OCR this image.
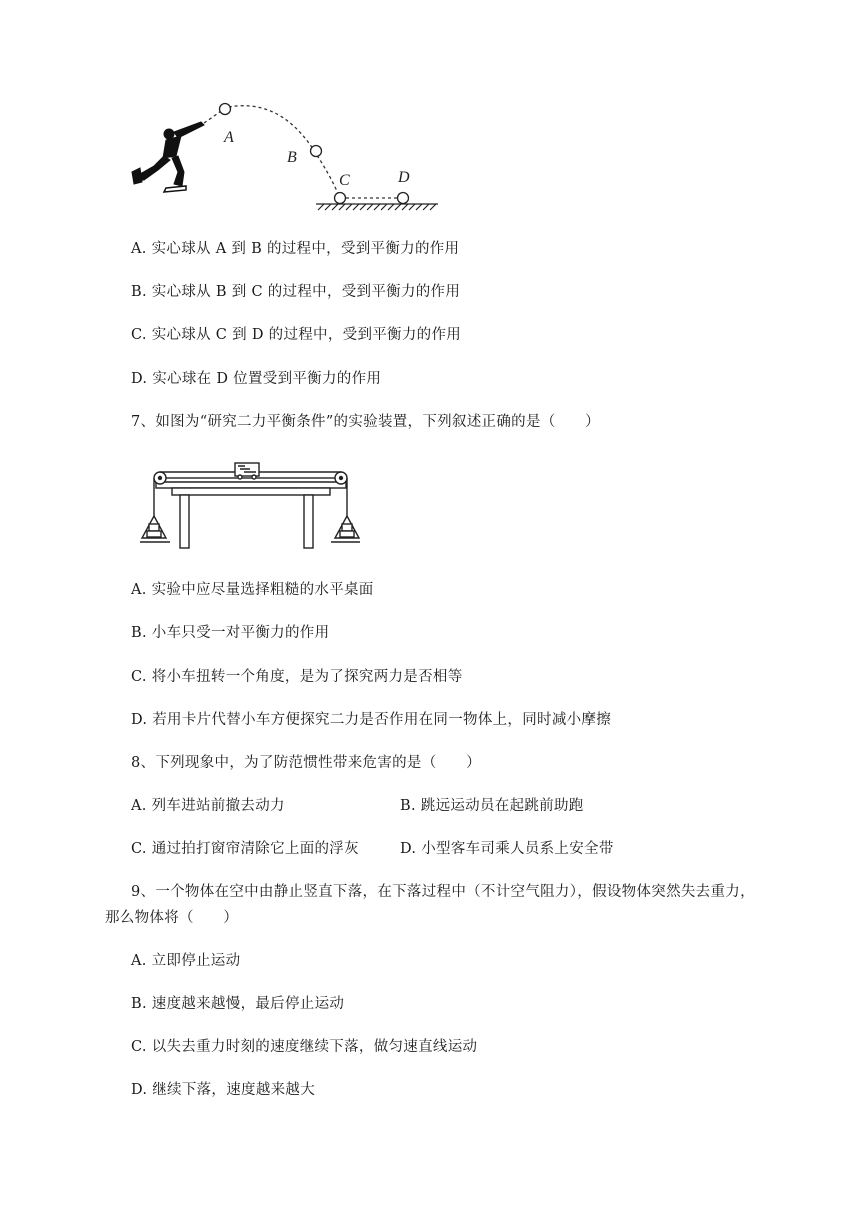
A
B
C	D
A. 实心球从 A 到 B 的过程中，受到平衡力的作用
B. 实心球从 B 到 C 的过程中，受到平衡力的作用
C. 实心球从 C 到 D 的过程中，受到平衡力的作用
D. 实心球在 D 位置受到平衡力的作用
7、如图为“研究二力平衡条件”的实验装置，下列叙述正确的是（　　）
A. 实验中应尽量选择粗糙的水平桌面
B. 小车只受一对平衡力的作用
C. 将小车扭转一个角度，是为了探究两力是否相等
D. 若用卡片代替小车方便探究二力是否作用在同一物体上，同时减小摩擦
8、下列现象中，为了防范惯性带来危害的是（　　）
A. 列车进站前撤去动力	B. 跳远运动员在起跳前助跑
C. 通过拍打窗帘清除它上面的浮灰	D. 小型客车司乘人员系上安全带
9、一个物体在空中由静止竖直下落，在下落过程中（不计空气阻力），假设物体突然失去重力，
那么物体将（　　）
A. 立即停止运动
B. 速度越来越慢，最后停止运动
C. 以失去重力时刻的速度继续下落，做匀速直线运动
D. 继续下落，速度越来越大
